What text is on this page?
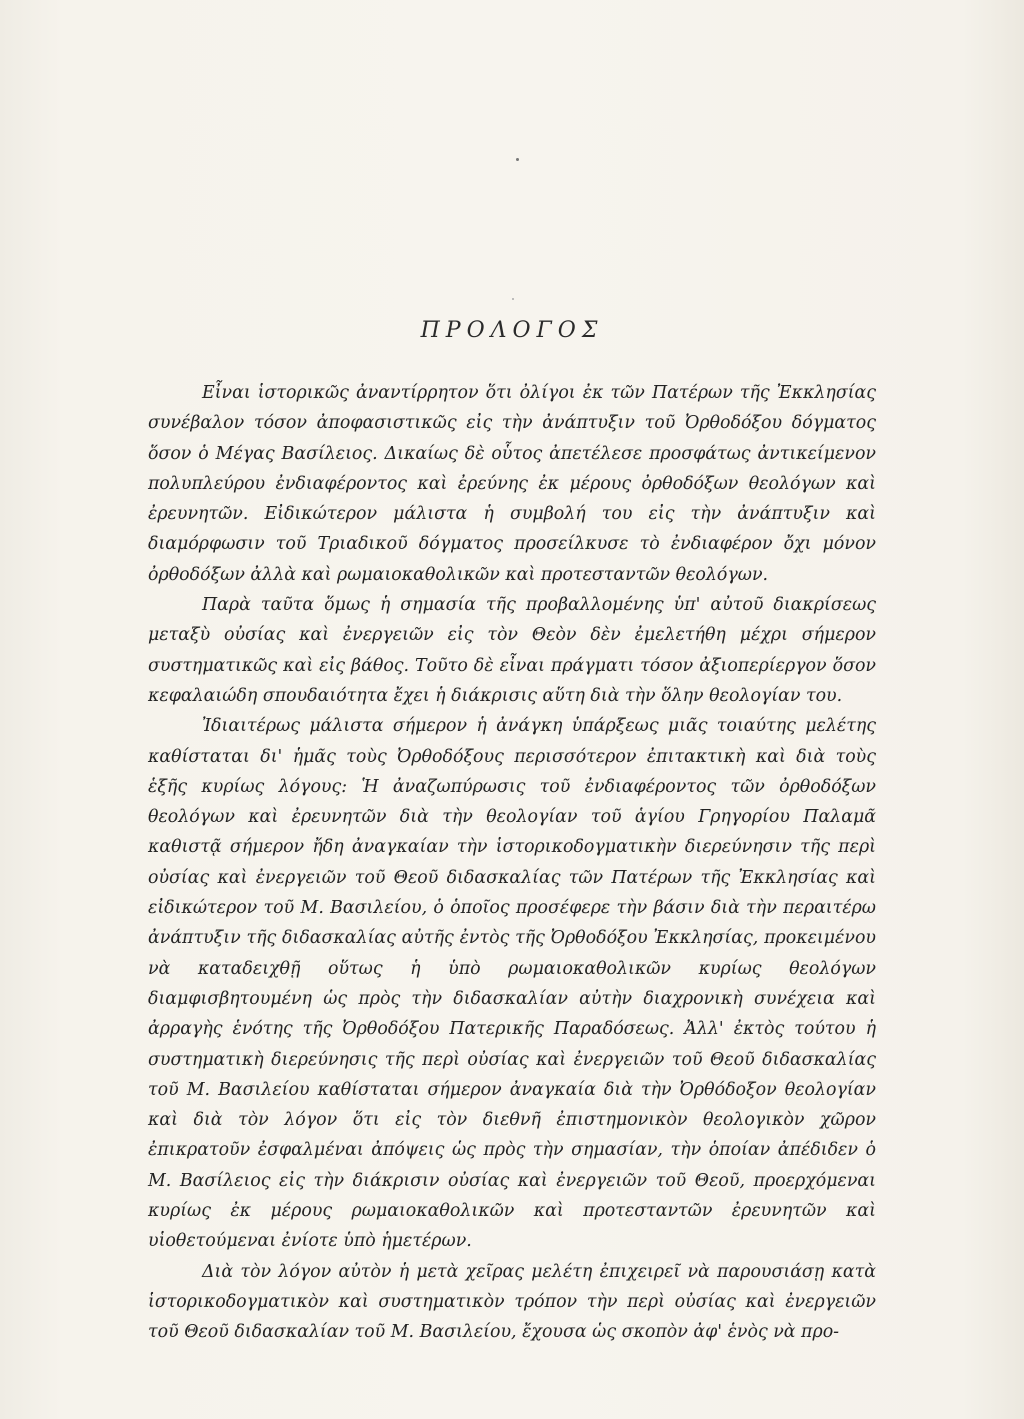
ΠΡΟΛΟΓΟΣ

Εἶναι ἱστορικῶς ἀναντίρρητον ὅτι ὀλίγοι ἐκ τῶν Πατέρων τῆς Ἐκκλησίας συνέβαλον τόσον ἀποφασιστικῶς εἰς τὴν ἀνάπτυξιν τοῦ Ὀρθοδόξου δόγματος ὅσον ὁ Μέγας Βασίλειος. Δικαίως δὲ οὗτος ἀπετέλεσε προσφάτως ἀντικείμενον πολυπλεύρου ἐνδιαφέροντος καὶ ἐρεύνης ἐκ μέρους ὀρθοδόξων θεολόγων καὶ ἐρευνητῶν. Εἰδικώτερον μάλιστα ἡ συμβολή του εἰς τὴν ἀνάπτυξιν καὶ διαμόρφωσιν τοῦ Τριαδικοῦ δόγματος προσείλκυσε τὸ ἐνδιαφέρον ὄχι μόνον ὀρθοδόξων ἀλλὰ καὶ ρωμαιοκαθολικῶν καὶ προτεσταντῶν θεολόγων.

Παρὰ ταῦτα ὅμως ἡ σημασία τῆς προβαλλομένης ὑπ' αὐτοῦ διακρίσεως μεταξὺ οὐσίας καὶ ἐνεργειῶν εἰς τὸν Θεὸν δὲν ἐμελετήθη μέχρι σήμερον συστηματικῶς καὶ εἰς βάθος. Τοῦτο δὲ εἶναι πράγματι τόσον ἀξιοπερίεργον ὅσον κεφαλαιώδη σπουδαιότητα ἔχει ἡ διάκρισις αὕτη διὰ τὴν ὅλην θεολογίαν του.

Ἰδιαιτέρως μάλιστα σήμερον ἡ ἀνάγκη ὑπάρξεως μιᾶς τοιαύτης μελέτης καθίσταται δι' ἡμᾶς τοὺς Ὀρθοδόξους περισσότερον ἐπιτακτικὴ καὶ διὰ τοὺς ἑξῆς κυρίως λόγους: Ἡ ἀναζωπύρωσις τοῦ ἐνδιαφέροντος τῶν ὀρθοδόξων θεολόγων καὶ ἐρευνητῶν διὰ τὴν θεολογίαν τοῦ ἁγίου Γρηγορίου Παλαμᾶ καθιστᾷ σήμερον ἤδη ἀναγκαίαν τὴν ἱστορικοδογματικὴν διερεύνησιν τῆς περὶ οὐσίας καὶ ἐνεργειῶν τοῦ Θεοῦ διδασκαλίας τῶν Πατέρων τῆς Ἐκκλησίας καὶ εἰδικώτερον τοῦ Μ. Βασιλείου, ὁ ὁποῖος προσέφερε τὴν βάσιν διὰ τὴν περαιτέρω ἀνάπτυξιν τῆς διδασκαλίας αὐτῆς ἐντὸς τῆς Ὀρθοδόξου Ἐκκλησίας, προκειμένου νὰ καταδειχθῇ οὕτως ἡ ὑπὸ ρωμαιοκαθολικῶν κυρίως θεολόγων διαμφισβητουμένη ὡς πρὸς τὴν διδασκαλίαν αὐτὴν διαχρονικὴ συνέχεια καὶ ἀρραγὴς ἑνότης τῆς Ὀρθοδόξου Πατερικῆς Παραδόσεως. Ἀλλ' ἐκτὸς τούτου ἡ συστηματικὴ διερεύνησις τῆς περὶ οὐσίας καὶ ἐνεργειῶν τοῦ Θεοῦ διδασκαλίας τοῦ Μ. Βασιλείου καθίσταται σήμερον ἀναγκαία διὰ τὴν Ὀρθόδοξον θεολογίαν καὶ διὰ τὸν λόγον ὅτι εἰς τὸν διεθνῆ ἐπιστημονικὸν θεολογικὸν χῶρον ἐπικρατοῦν ἐσφαλμέναι ἀπόψεις ὡς πρὸς τὴν σημασίαν, τὴν ὁποίαν ἀπέδιδεν ὁ Μ. Βασίλειος εἰς τὴν διάκρισιν οὐσίας καὶ ἐνεργειῶν τοῦ Θεοῦ, προερχόμεναι κυρίως ἐκ μέρους ρωμαιοκαθολικῶν καὶ προτεσταντῶν ἐρευνητῶν καὶ υἱοθετούμεναι ἐνίοτε ὑπὸ ἡμετέρων.

Διὰ τὸν λόγον αὐτὸν ἡ μετὰ χεῖρας μελέτη ἐπιχειρεῖ νὰ παρουσιάσῃ κατὰ ἱστορικοδογματικὸν καὶ συστηματικὸν τρόπον τὴν περὶ οὐσίας καὶ ἐνεργειῶν τοῦ Θεοῦ διδασκαλίαν τοῦ Μ. Βασιλείου, ἔχουσα ὡς σκοπὸν ἀφ' ἑνὸς νὰ προ-
